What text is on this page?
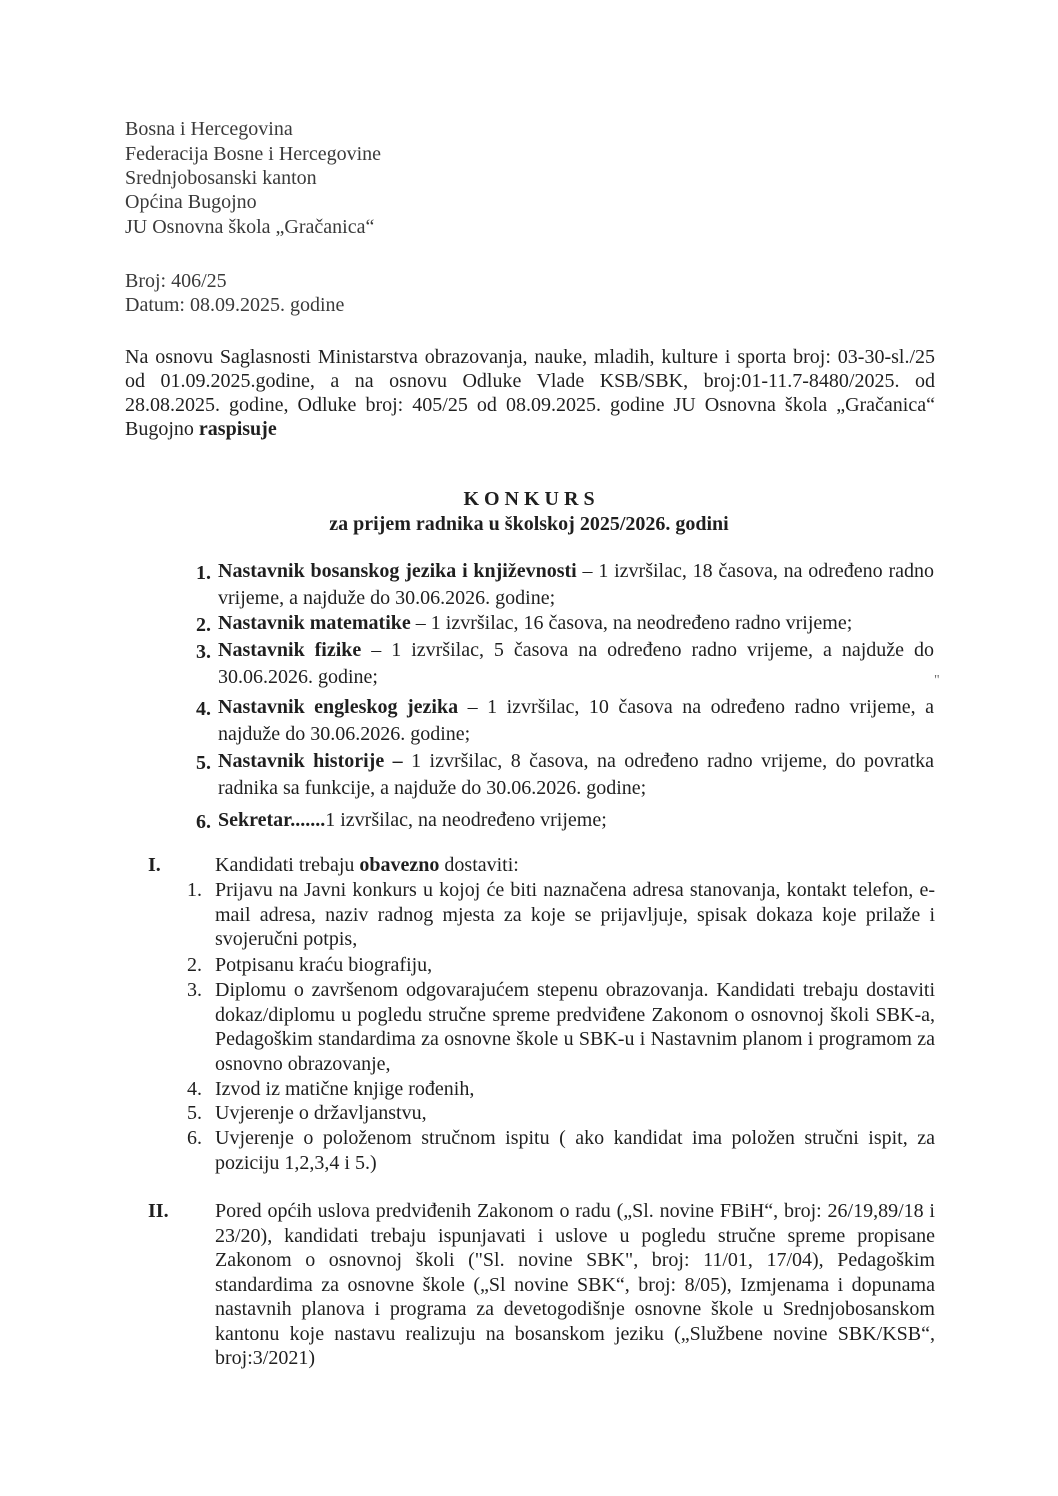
Bosna i Hercegovina
Federacija Bosne i Hercegovine
Srednjobosanski kanton
Općina Bugojno
JU Osnovna škola „Gračanica“
Broj: 406/25
Datum: 08.09.2025. godine
Na osnovu Saglasnosti Ministarstva obrazovanja, nauke, mladih, kulture i sporta broj: 03-30-sl./25 od 01.09.2025.godine, a na osnovu Odluke Vlade KSB/SBK, broj:01-11.7-8480/2025. od 28.08.2025. godine, Odluke broj: 405/25 od 08.09.2025. godine JU Osnovna škola „Gračanica“ Bugojno raspisuje
K O N K U R S
za prijem radnika u školskoj 2025/2026. godini
1. Nastavnik bosanskog jezika i književnosti – 1 izvršilac, 18 časova, na određeno radno vrijeme, a najduže do 30.06.2026. godine;
2. Nastavnik matematike – 1 izvršilac, 16 časova, na neodređeno radno vrijeme;
3. Nastavnik fizike – 1 izvršilac, 5 časova na određeno radno vrijeme, a najduže do 30.06.2026. godine;	"
4. Nastavnik engleskog jezika – 1 izvršilac, 10 časova na određeno radno vrijeme, a najduže do 30.06.2026. godine;
5. Nastavnik historije – 1 izvršilac, 8 časova, na određeno radno vrijeme, do povratka radnika sa funkcije, a najduže do 30.06.2026. godine;
6. Sekretar.......1 izvršilac, na neodređeno vrijeme;
I.	Kandidati trebaju obavezno dostaviti:
1. Prijavu na Javni konkurs u kojoj će biti naznačena adresa stanovanja, kontakt telefon, e-mail adresa, naziv radnog mjesta za koje se prijavljuje, spisak dokaza koje prilaže i svojeručni potpis,
2. Potpisanu kraću biografiju,
3. Diplomu o završenom odgovarajućem stepenu obrazovanja. Kandidati trebaju dostaviti dokaz/diplomu u pogledu stručne spreme predviđene Zakonom o osnovnoj školi SBK-a, Pedagoškim standardima za osnovne škole u SBK-u i Nastavnim planom i programom za osnovno obrazovanje,
4. Izvod iz matične knjige rođenih,
5. Uvjerenje o državljanstvu,
6. Uvjerenje o položenom stručnom ispitu ( ako kandidat ima položen stručni ispit, za poziciju 1,2,3,4 i 5.)
II. Pored općih uslova predviđenih Zakonom o radu („Sl. novine FBiH“, broj: 26/19,89/18 i 23/20), kandidati trebaju ispunjavati i uslove u pogledu stručne spreme propisane Zakonom o osnovnoj školi ("Sl. novine SBK", broj: 11/01, 17/04), Pedagoškim standardima za osnovne škole („Sl novine SBK“, broj: 8/05), Izmjenama i dopunama nastavnih planova i programa za devetogodišnje osnovne škole u Srednjobosanskom kantonu koje nastavu realizuju na bosanskom jeziku („Službene novine SBK/KSB“, broj:3/2021)
